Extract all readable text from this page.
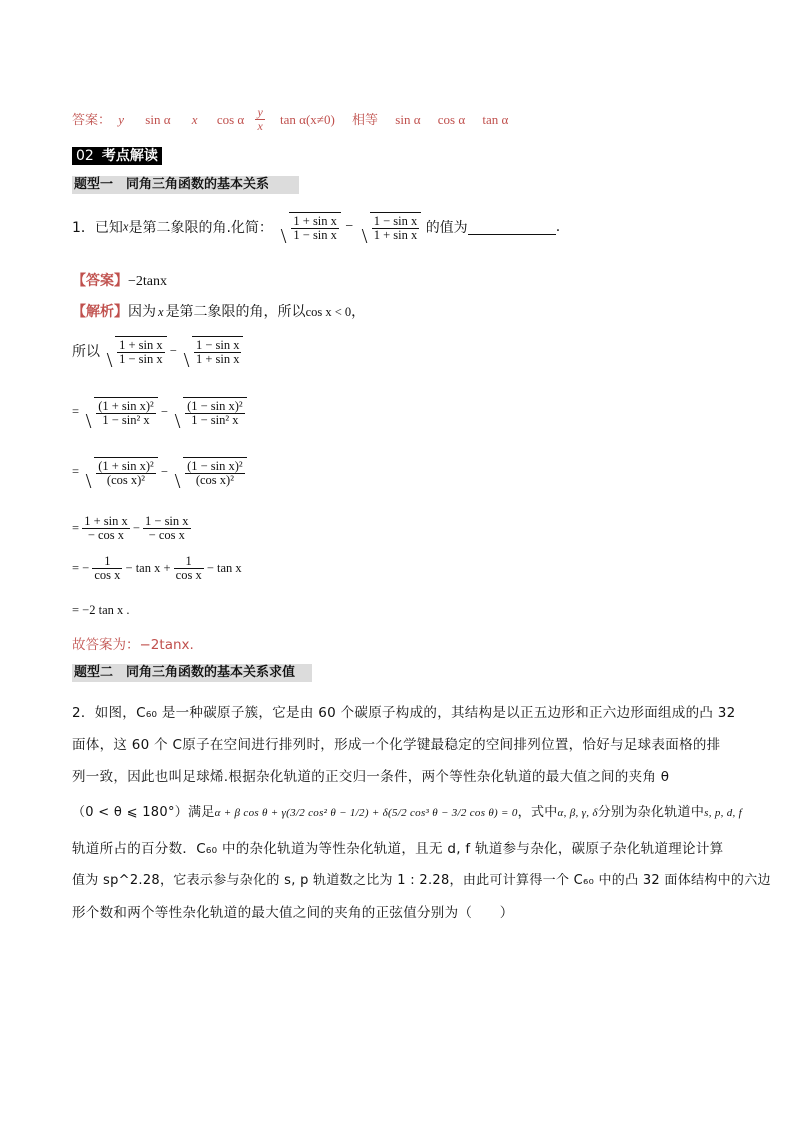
答案： y sin α x cos α $\frac{y}{x}$ tan α(x≠0) 相等 sin α cos α tan α
02 考点解读
题型一　同角三角函数的基本关系
1．已知x是第二象限的角.化简： $\frac{\text{1 + sin x}}{\text{1 − sin x}} - \frac{\text{1 − sin x}}{\text{1 + sin x}}$ 的值为	.
【答案】−2tanx
【解析】因为 x 是第二象限的角，所以cos x < 0，
所以 $\frac{\text{1 + sin x}}{\text{1 − sin x}} - \frac{\text{1 − sin x}}{\text{1 + sin x}}$
= $\frac{\text{(1 + sin x)²}}{\text{1 − sin² x}} - \frac{\text{(1 − sin x)²}}{\text{1 − sin² x}}$
= $\frac{\text{(1 + sin x)²}}{\text{(cos x)²}} - \frac{\text{(1 − sin x)²}}{\text{(cos x)²}}$
= $\frac{\text{1 + sin x}}{\text{− cos x}} - \frac{\text{1 − sin x}}{\text{− cos x}}$
= − $\frac{1}{\text{cos x}} - \tan x + \frac{1}{\text{cos x}} - \tan x$
= −2 tan x .
故答案为：−2tanx.
题型二　同角三角函数的基本关系求值
2．如图，C₆₀ 是一种碳原子簇，它是由 60 个碳原子构成的，其结构是以正五边形和正六边形面组成的凸 32
面体，这 60 个 C原子在空间进行排列时，形成一个化学键最稳定的空间排列位置，恰好与足球表面格的排
列一致，因此也叫足球烯.根据杂化轨道的正交归一条件，两个等性杂化轨道的最大值之间的夹角 θ
（0 < θ ⩽ 180°）满足α + β cos θ + γ(3/2 cos² θ − 1/2) + δ(5/2 cos³ θ − 3/2 cos θ) = 0，式中α, β, γ, δ分别为杂化轨道中s, p, d, f
轨道所占的百分数．C₆₀ 中的杂化轨道为等性杂化轨道，且无 d, f 轨道参与杂化，碳原子杂化轨道理论计算
值为 sp^2.28，它表示参与杂化的 s, p 轨道数之比为 1 : 2.28，由此可计算得一个 C₆₀ 中的凸 32 面体结构中的六边
形个数和两个等性杂化轨道的最大值之间的夹角的正弦值分别为（　　）
